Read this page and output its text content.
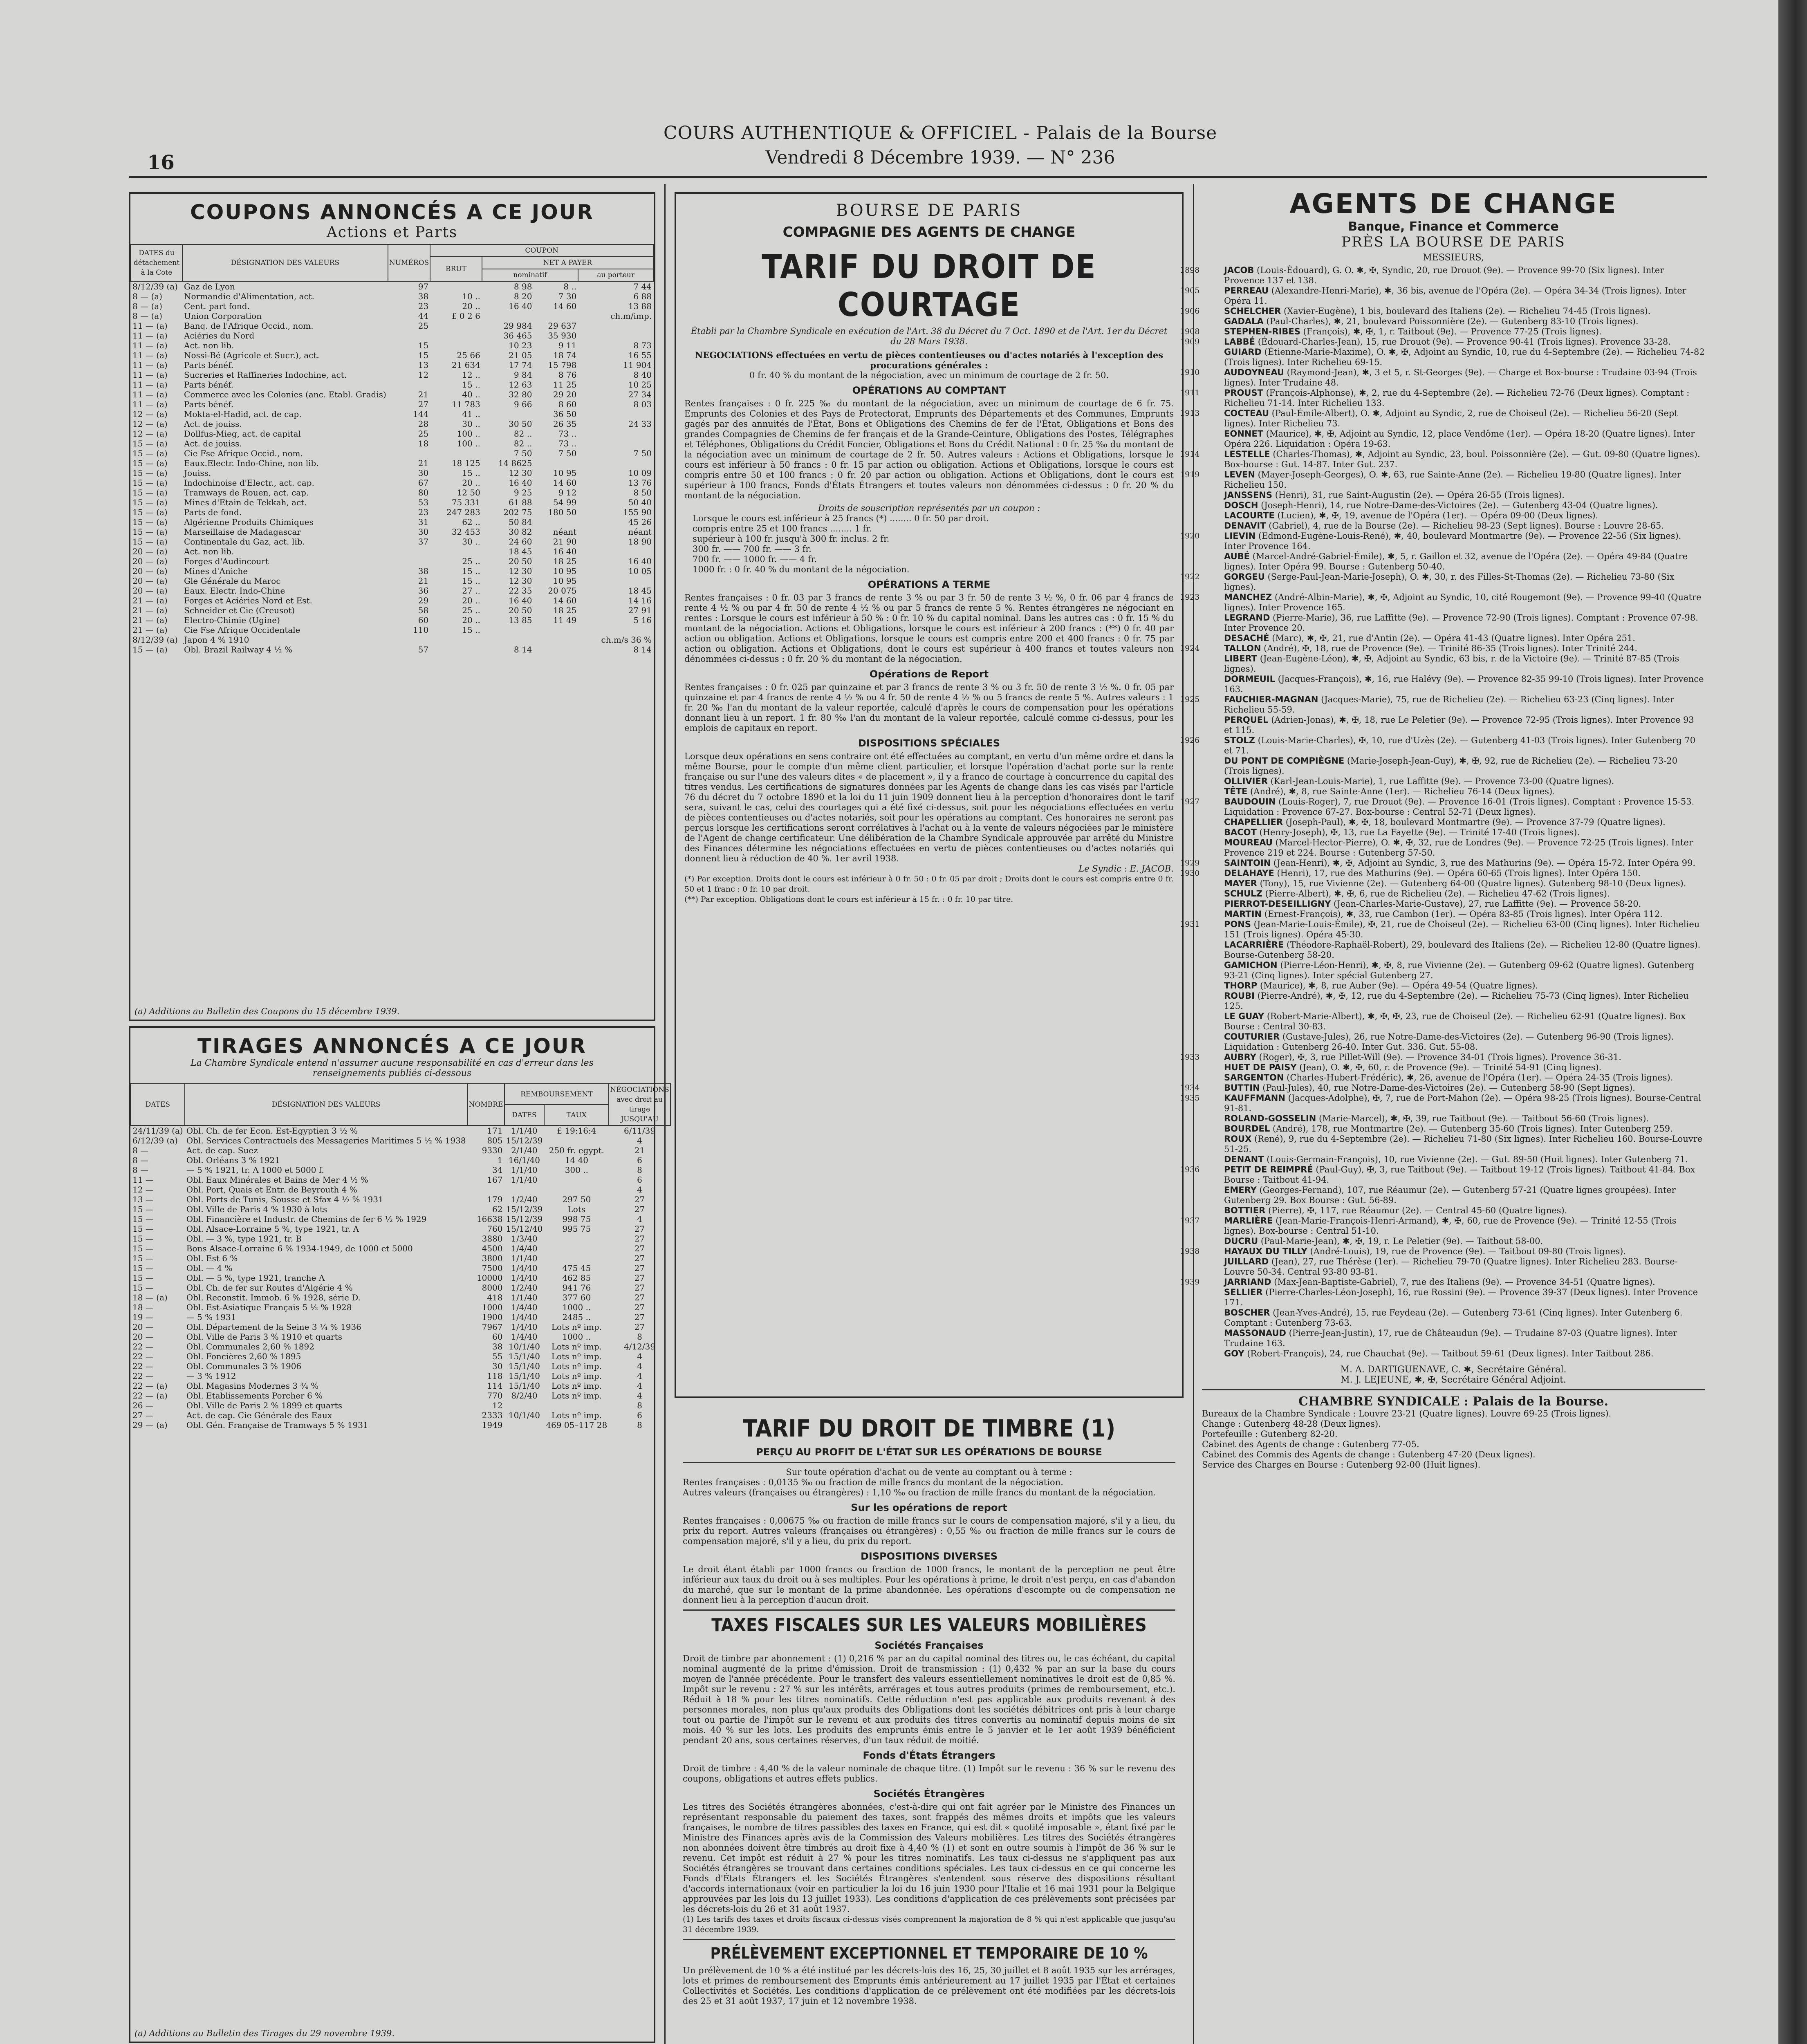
16
COURS AUTHENTIQUE & OFFICIEL - Palais de la Bourse
Vendredi 8 Décembre 1939. — N° 236
COUPONS ANNONCÉS A CE JOUR
Actions et Parts
DATES du détachement à la Cote	DÉSIGNATION DES VALEURS	NUMÉROS	COUPON			
			BRUT	NET A PAYER		
				nominatif		au porteur
8/12/39 (a)	Gaz de Lyon	97		8 98	8 ..	7 44
8 — (a)	Normandie d'Alimentation, act.	38	10 ..	8 20	7 30	6 88
8 — (a)	Cent. part fond.	23	20 ..	16 40	14 60	13 88
8 — (a)	Union Corporation	44	£ 0 2 6			ch.m/imp.
11 — (a)	Banq. de l'Afrique Occid., nom.	25		29 984	29 637	
11 — (a)	Aciéries du Nord			36 465	35 930	
11 — (a)	Act. non lib.	15		10 23	9 11	8 73
11 — (a)	Nossi-Bé (Agricole et Sucr.), act.	15	25 66	21 05	18 74	16 55
11 — (a)	Parts bénéf.	13	21 634	17 74	15 798	11 904
11 — (a)	Sucreries et Raffineries Indochine, act.	12	12 ..	9 84	8 76	8 40
11 — (a)	Parts bénéf.		15 ..	12 63	11 25	10 25
11 — (a)	Commerce avec les Colonies (anc. Etabl. Gradis)	21	40 ..	32 80	29 20	27 34
11 — (a)	Parts bénéf.	27	11 783	9 66	8 60	8 03
12 — (a)	Mokta-el-Hadid, act. de cap.	144	41 ..		36 50	
12 — (a)	Act. de jouiss.	28	30 ..	30 50	26 35	24 33
12 — (a)	Dollfus-Mieg, act. de capital	25	100 ..	82 ..	73 ..	
15 — (a)	Act. de jouiss.	18	100 ..	82 ..	73 ..	
15 — (a)	Cie Fse Afrique Occid., nom.			7 50	7 50	7 50
15 — (a)	Eaux.Electr. Indo-Chine, non lib.	21	18 125	14 8625		
15 — (a)	Jouiss.	30	15 ..	12 30	10 95	10 09
15 — (a)	Indochinoise d'Electr., act. cap.	67	20 ..	16 40	14 60	13 76
15 — (a)	Tramways de Rouen, act. cap.	80	12 50	9 25	9 12	8 50
15 — (a)	Mines d'Etain de Tekkah, act.	53	75 331	61 88	54 99	50 40
15 — (a)	Parts de fond.	23	247 283	202 75	180 50	155 90
15 — (a)	Algérienne Produits Chimiques	31	62 ..	50 84		45 26
15 — (a)	Marseillaise de Madagascar	30	32 453	30 82	néant	néant
15 — (a)	Continentale du Gaz, act. lib.	37	30 ..	24 60	21 90	18 90
20 — (a)	Act. non lib.			18 45	16 40	
20 — (a)	Forges d'Audincourt		25 ..	20 50	18 25	16 40
20 — (a)	Mines d'Aniche	38	15 ..	12 30	10 95	10 05
20 — (a)	Gle Générale du Maroc	21	15 ..	12 30	10 95	
20 — (a)	Eaux. Electr. Indo-Chine	36	27 ..	22 35	20 075	18 45
21 — (a)	Forges et Aciéries Nord et Est.	29	20 ..	16 40	14 60	14 16
21 — (a)	Schneider et Cie (Creusot)	58	25 ..	20 50	18 25	27 91
21 — (a)	Electro-Chimie (Ugine)	60	20 ..	13 85	11 49	5 16
21 — (a)	Cie Fse Afrique Occidentale	110	15 ..			
8/12/39 (a)	Japon 4 % 1910					ch.m/s 36 %
15 — (a)	Obl. Brazil Railway 4 ½ %	57		8 14		8 14
(a) Additions au Bulletin des Coupons du 15 décembre 1939.
TIRAGES ANNONCÉS A CE JOUR
La Chambre Syndicale entend n'assumer aucune responsabilité en cas d'erreur dans les renseignements publiés ci-dessous
DATES	DÉSIGNATION DES VALEURS	NOMBRE	REMBOURSEMENT		NÉGOCIATIONS avec droit au tirage JUSQU'AU
			DATES	TAUX	
24/11/39 (a)	Obl. Ch. de fer Econ. Est-Egyptien 3 ½ %	171	1/1/40	£ 19:16:4	6/11/39
6/12/39 (a)	Obl. Services Contractuels des Messageries Maritimes 5 ½ % 1938	805	15/12/39		4
8 —	Act. de cap. Suez	9330	2/1/40	250 fr. egypt.	21
8 —	Obl. Orléans 3 % 1921	1	16/1/40	14 40	6
8 —	— 5 % 1921, tr. A 1000 et 5000 f.	34	1/1/40	300 ..	8
11 —	Obl. Eaux Minérales et Bains de Mer 4 ½ %	167	1/1/40		6
12 —	Obl. Port, Quais et Entr. de Beyrouth 4 %				4
13 —	Obl. Ports de Tunis, Sousse et Sfax 4 ½ % 1931	179	1/2/40	297 50	27
15 —	Obl. Ville de Paris 4 % 1930 à lots	62	15/12/39	Lots	27
15 —	Obl. Financière et Industr. de Chemins de fer 6 ½ % 1929	16638	15/12/39	998 75	4
15 —	Obl. Alsace-Lorraine 5 %, type 1921, tr. A	760	15/12/40	995 75	27
15 —	Obl. — 3 %, type 1921, tr. B	3880	1/3/40		27
15 —	Bons Alsace-Lorraine 6 % 1934-1949, de 1000 et 5000	4500	1/4/40		27
15 —	Obl. Est 6 %	3800	1/1/40		27
15 —	Obl. — 4 %	7500	1/4/40	475 45	27
15 —	Obl. — 5 %, type 1921, tranche A	10000	1/4/40	462 85	27
15 —	Obl. Ch. de fer sur Routes d'Algérie 4 %	8000	1/2/40	941 76	27
18 — (a)	Obl. Reconstit. Immob. 6 % 1928, série D.	418	1/1/40	377 60	27
18 —	Obl. Est-Asiatique Français 5 ½ % 1928	1000	1/4/40	1000 ..	27
19 —	— 5 % 1931	1900	1/4/40	2485 ..	27
20 —	Obl. Département de la Seine 3 ¼ % 1936	7967	1/4/40	Lots nº imp.	27
20 —	Obl. Ville de Paris 3 % 1910 et quarts	60	1/4/40	1000 ..	8
22 —	Obl. Communales 2,60 % 1892	38	10/1/40	Lots nº imp.	4/12/39
22 —	Obl. Foncières 2,60 % 1895	55	15/1/40	Lots nº imp.	4
22 —	Obl. Communales 3 % 1906	30	15/1/40	Lots nº imp.	4
22 —	— 3 % 1912	118	15/1/40	Lots nº imp.	4
22 — (a)	Obl. Magasins Modernes 3 ¾ %	114	15/1/40	Lots nº imp.	4
22 — (a)	Obl. Etablissements Porcher 6 %	770	8/2/40	Lots nº imp.	4
26 —	Obl. Ville de Paris 2 % 1899 et quarts	12			8
27 —	Act. de cap. Cie Générale des Eaux	2333	10/1/40	Lots nº imp.	6
29 — (a)	Obl. Gén. Française de Tramways 5 % 1931	1949		469 05–117 28	8
(a) Additions au Bulletin des Tirages du 29 novembre 1939.
BOURSE DE PARIS
COMPAGNIE DES AGENTS DE CHANGE
TARIF DU DROIT DE COURTAGE
Établi par la Chambre Syndicale en exécution de l'Art. 38 du Décret du 7 Oct. 1890 et de l'Art. 1er du Décret du 28 Mars 1938.
NEGOCIATIONS effectuées en vertu de pièces contentieuses ou d'actes notariés à l'exception des procurations générales :
0 fr. 40 % du montant de la négociation, avec un minimum de courtage de 2 fr. 50.
OPÉRATIONS AU COMPTANT
Rentes françaises : 0 fr. 225 ‰ du montant de la négociation, avec un minimum de courtage de 6 fr. 75. Emprunts des Colonies et des Pays de Protectorat, Emprunts des Départements et des Communes, Emprunts gagés par des annuités de l'État, Bons et Obligations des Chemins de fer de l'État, Obligations et Bons des grandes Compagnies de Chemins de fer français et de la Grande-Ceinture, Obligations des Postes, Télégraphes et Téléphones, Obligations du Crédit Foncier, Obligations et Bons du Crédit National : 0 fr. 25 ‰ du montant de la négociation avec un minimum de courtage de 2 fr. 50. Autres valeurs : Actions et Obligations, lorsque le cours est inférieur à 50 francs : 0 fr. 15 par action ou obligation. Actions et Obligations, lorsque le cours est compris entre 50 et 100 francs : 0 fr. 20 par action ou obligation. Actions et Obligations, dont le cours est supérieur à 100 francs, Fonds d'États Étrangers et toutes valeurs non dénommées ci-dessus : 0 fr. 20 % du montant de la négociation.
Droits de souscription représentés par un coupon :
Lorsque le cours est inférieur à 25 francs (*) ........ 0 fr. 50 par droit.
compris entre 25 et 100 francs ........ 1 fr.
supérieur à 100 fr. jusqu'à 300 fr. inclus. 2 fr.
300 fr. —— 700 fr. —— 3 fr.
700 fr. —— 1000 fr. —— 4 fr.
1000 fr. : 0 fr. 40 % du montant de la négociation.
OPÉRATIONS A TERME
Rentes françaises : 0 fr. 03 par 3 francs de rente 3 % ou par 3 fr. 50 de rente 3 ½ %, 0 fr. 06 par 4 francs de rente 4 ½ % ou par 4 fr. 50 de rente 4 ½ % ou par 5 francs de rente 5 %. Rentes étrangères ne négociant en rentes : Lorsque le cours est inférieur à 50 % : 0 fr. 10 % du capital nominal. Dans les autres cas : 0 fr. 15 % du montant de la négociation. Actions et Obligations, lorsque le cours est inférieur à 200 francs : (**) 0 fr. 40 par action ou obligation. Actions et Obligations, lorsque le cours est compris entre 200 et 400 francs : 0 fr. 75 par action ou obligation. Actions et Obligations, dont le cours est supérieur à 400 francs et toutes valeurs non dénommées ci-dessus : 0 fr. 20 % du montant de la négociation.
Opérations de Report
Rentes françaises : 0 fr. 025 par quinzaine et par 3 francs de rente 3 % ou 3 fr. 50 de rente 3 ½ %. 0 fr. 05 par quinzaine et par 4 francs de rente 4 ½ % ou 4 fr. 50 de rente 4 ½ % ou 5 francs de rente 5 %. Autres valeurs : 1 fr. 20 ‰ l'an du montant de la valeur reportée, calculé d'après le cours de compensation pour les opérations donnant lieu à un report. 1 fr. 80 ‰ l'an du montant de la valeur reportée, calculé comme ci-dessus, pour les emplois de capitaux en report.
DISPOSITIONS SPÉCIALES
Lorsque deux opérations en sens contraire ont été effectuées au comptant, en vertu d'un même ordre et dans la même Bourse, pour le compte d'un même client particulier, et lorsque l'opération d'achat porte sur la rente française ou sur l'une des valeurs dites « de placement », il y a franco de courtage à concurrence du capital des titres vendus. Les certifications de signatures données par les Agents de change dans les cas visés par l'article 76 du décret du 7 octobre 1890 et la loi du 11 juin 1909 donnent lieu à la perception d'honoraires dont le tarif sera, suivant le cas, celui des courtages qui a été fixé ci-dessus, soit pour les négociations effectuées en vertu de pièces contentieuses ou d'actes notariés, soit pour les opérations au comptant. Ces honoraires ne seront pas perçus lorsque les certifications seront corrélatives à l'achat ou à la vente de valeurs négociées par le ministère de l'Agent de change certificateur. Une délibération de la Chambre Syndicale approuvée par arrêté du Ministre des Finances détermine les négociations effectuées en vertu de pièces contentieuses ou d'actes notariés qui donnent lieu à réduction de 40 %. 1er avril 1938.
Le Syndic : E. JACOB.
(*) Par exception. Droits dont le cours est inférieur à 0 fr. 50 : 0 fr. 05 par droit ; Droits dont le cours est compris entre 0 fr. 50 et 1 franc : 0 fr. 10 par droit.
(**) Par exception. Obligations dont le cours est inférieur à 15 fr. : 0 fr. 10 par titre.
TARIF DU DROIT DE TIMBRE (1)
PERÇU AU PROFIT DE L'ÉTAT SUR LES OPÉRATIONS DE BOURSE
Sur toute opération d'achat ou de vente au comptant ou à terme :
Rentes françaises : 0,0135 ‰ ou fraction de mille francs du montant de la négociation.
Autres valeurs (françaises ou étrangères) : 1,10 ‰ ou fraction de mille francs du montant de la négociation.
Sur les opérations de report
Rentes françaises : 0,00675 ‰ ou fraction de mille francs sur le cours de compensation majoré, s'il y a lieu, du prix du report. Autres valeurs (françaises ou étrangères) : 0,55 ‰ ou fraction de mille francs sur le cours de compensation majoré, s'il y a lieu, du prix du report.
DISPOSITIONS DIVERSES
Le droit étant établi par 1000 francs ou fraction de 1000 francs, le montant de la perception ne peut être inférieur aux taux du droit ou à ses multiples. Pour les opérations à prime, le droit n'est perçu, en cas d'abandon du marché, que sur le montant de la prime abandonnée. Les opérations d'escompte ou de compensation ne donnent lieu à la perception d'aucun droit.
TAXES FISCALES SUR LES VALEURS MOBILIÈRES
Sociétés Françaises
Droit de timbre par abonnement : (1) 0,216 % par an du capital nominal des titres ou, le cas échéant, du capital nominal augmenté de la prime d'émission. Droit de transmission : (1) 0,432 % par an sur la base du cours moyen de l'année précédente. Pour le transfert des valeurs essentiellement nominatives le droit est de 0,85 %. Impôt sur le revenu : 27 % sur les intérêts, arrérages et tous autres produits (primes de remboursement, etc.). Réduit à 18 % pour les titres nominatifs. Cette réduction n'est pas applicable aux produits revenant à des personnes morales, non plus qu'aux produits des Obligations dont les sociétés débitrices ont pris à leur charge tout ou partie de l'impôt sur le revenu et aux produits des titres convertis au nominatif depuis moins de six mois. 40 % sur les lots. Les produits des emprunts émis entre le 5 janvier et le 1er août 1939 bénéficient pendant 20 ans, sous certaines réserves, d'un taux réduit de moitié.
Fonds d'États Étrangers
Droit de timbre : 4,40 % de la valeur nominale de chaque titre. (1) Impôt sur le revenu : 36 % sur le revenu des coupons, obligations et autres effets publics.
Sociétés Étrangères
Les titres des Sociétés étrangères abonnées, c'est-à-dire qui ont fait agréer par le Ministre des Finances un représentant responsable du paiement des taxes, sont frappés des mêmes droits et impôts que les valeurs françaises, le nombre de titres passibles des taxes en France, qui est dit « quotité imposable », étant fixé par le Ministre des Finances après avis de la Commission des Valeurs mobilières. Les titres des Sociétés étrangères non abonnées doivent être timbrés au droit fixe à 4,40 % (1) et sont en outre soumis à l'impôt de 36 % sur le revenu. Cet impôt est réduit à 27 % pour les titres nominatifs. Les taux ci-dessus ne s'appliquent pas aux Sociétés étrangères se trouvant dans certaines conditions spéciales. Les taux ci-dessus en ce qui concerne les Fonds d'États Étrangers et les Sociétés Étrangères s'entendent sous réserve des dispositions résultant d'accords internationaux (voir en particulier la loi du 16 juin 1930 pour l'Italie et 16 mai 1931 pour la Belgique approuvées par les lois du 13 juillet 1933). Les conditions d'application de ces prélèvements sont précisées par les décrets-lois du 26 et 31 août 1937.
(1) Les tarifs des taxes et droits fiscaux ci-dessus visés comprennent la majoration de 8 % qui n'est applicable que jusqu'au 31 décembre 1939.
PRÉLÈVEMENT EXCEPTIONNEL ET TEMPORAIRE DE 10 %
Un prélèvement de 10 % a été institué par les décrets-lois des 16, 25, 30 juillet et 8 août 1935 sur les arrérages, lots et primes de remboursement des Emprunts émis antérieurement au 17 juillet 1935 par l'État et certaines Collectivités et Sociétés. Les conditions d'application de ce prélèvement ont été modifiées par les décrets-lois des 25 et 31 août 1937, 17 juin et 12 novembre 1938.
AGENTS DE CHANGE
Banque, Finance et Commerce
PRÈS LA BOURSE DE PARIS
MESSIEURS,
1898	JACOB (Louis-Édouard), G. O. ✱, ✠, Syndic, 20, rue Drouot (9e). — Provence 99-70 (Six lignes). Inter Provence 137 et 138.
1905	PERREAU (Alexandre-Henri-Marie), ✱, 36 bis, avenue de l'Opéra (2e). — Opéra 34-34 (Trois lignes). Inter Opéra 11.
1906	SCHELCHER (Xavier-Eugène), 1 bis, boulevard des Italiens (2e). — Richelieu 74-45 (Trois lignes).
GADALA (Paul-Charles), ✱, 21, boulevard Poissonnière (2e). — Gutenberg 83-10 (Trois lignes).
1908	STEPHEN-RIBES (François), ✱, ✠, 1, r. Taitbout (9e). — Provence 77-25 (Trois lignes).
1909	LABBÉ (Édouard-Charles-Jean), 15, rue Drouot (9e). — Provence 90-41 (Trois lignes). Provence 33-28.
GUIARD (Étienne-Marie-Maxime), O. ✱, ✠, Adjoint au Syndic, 10, rue du 4-Septembre (2e). — Richelieu 74-82 (Trois lignes). Inter Richelieu 69-15.
1910	AUDOYNEAU (Raymond-Jean), ✱, 3 et 5, r. St-Georges (9e). — Charge et Box-bourse : Trudaine 03-94 (Trois lignes). Inter Trudaine 48.
1911	PROUST (François-Alphonse), ✱, 2, rue du 4-Septembre (2e). — Richelieu 72-76 (Deux lignes). Comptant : Richelieu 71-14. Inter Richelieu 133.
1913	COCTEAU (Paul-Émile-Albert), O. ✱, Adjoint au Syndic, 2, rue de Choiseul (2e). — Richelieu 56-20 (Sept lignes). Inter Richelieu 73.
EONNET (Maurice), ✱, ✠, Adjoint au Syndic, 12, place Vendôme (1er). — Opéra 18-20 (Quatre lignes). Inter Opéra 226. Liquidation : Opéra 19-63.
1914	LESTELLE (Charles-Thomas), ✱, Adjoint au Syndic, 23, boul. Poissonnière (2e). — Gut. 09-80 (Quatre lignes). Box-bourse : Gut. 14-87. Inter Gut. 237.
1919	LEVEN (Mayer-Joseph-Georges), O. ✱, 63, rue Sainte-Anne (2e). — Richelieu 19-80 (Quatre lignes). Inter Richelieu 150.
JANSSENS (Henri), 31, rue Saint-Augustin (2e). — Opéra 26-55 (Trois lignes).
DOSCH (Joseph-Henri), 14, rue Notre-Dame-des-Victoires (2e). — Gutenberg 43-04 (Quatre lignes).
LACOURTE (Lucien), ✱, ✠, 19, avenue de l'Opéra (1er). — Opéra 09-00 (Deux lignes).
DENAVIT (Gabriel), 4, rue de la Bourse (2e). — Richelieu 98-23 (Sept lignes). Bourse : Louvre 28-65.
1920	LIEVIN (Edmond-Eugène-Louis-René), ✱, 40, boulevard Montmartre (9e). — Provence 22-56 (Six lignes). Inter Provence 164.
AUBÉ (Marcel-André-Gabriel-Émile), ✱, 5, r. Gaillon et 32, avenue de l'Opéra (2e). — Opéra 49-84 (Quatre lignes). Inter Opéra 99. Bourse : Gutenberg 50-40.
1922	GORGEU (Serge-Paul-Jean-Marie-Joseph), O. ✱, 30, r. des Filles-St-Thomas (2e). — Richelieu 73-80 (Six lignes).
1923	MANCHEZ (André-Albin-Marie), ✱, ✠, Adjoint au Syndic, 10, cité Rougemont (9e). — Provence 99-40 (Quatre lignes). Inter Provence 165.
LEGRAND (Pierre-Marie), 36, rue Laffitte (9e). — Provence 72-90 (Trois lignes). Comptant : Provence 07-98. Inter Provence 20.
DESACHÉ (Marc), ✱, ✠, 21, rue d'Antin (2e). — Opéra 41-43 (Quatre lignes). Inter Opéra 251.
1924	TALLON (André), ✠, 18, rue de Provence (9e). — Trinité 86-35 (Trois lignes). Inter Trinité 244.
LIBERT (Jean-Eugène-Léon), ✱, ✠, Adjoint au Syndic, 63 bis, r. de la Victoire (9e). — Trinité 87-85 (Trois lignes).
DORMEUIL (Jacques-François), ✱, 16, rue Halévy (9e). — Provence 82-35 99-10 (Trois lignes). Inter Provence 163.
1925	FAUCHIER-MAGNAN (Jacques-Marie), 75, rue de Richelieu (2e). — Richelieu 63-23 (Cinq lignes). Inter Richelieu 55-59.
PERQUEL (Adrien-Jonas), ✱, ✠, 18, rue Le Peletier (9e). — Provence 72-95 (Trois lignes). Inter Provence 93 et 115.
1926	STOLZ (Louis-Marie-Charles), ✠, 10, rue d'Uzès (2e). — Gutenberg 41-03 (Trois lignes). Inter Gutenberg 70 et 71.
DU PONT DE COMPIÈGNE (Marie-Joseph-Jean-Guy), ✱, ✠, 92, rue de Richelieu (2e). — Richelieu 73-20 (Trois lignes).
OLLIVIER (Karl-Jean-Louis-Marie), 1, rue Laffitte (9e). — Provence 73-00 (Quatre lignes).
TÊTE (André), ✱, 8, rue Sainte-Anne (1er). — Richelieu 76-14 (Deux lignes).
1927	BAUDOUIN (Louis-Roger), 7, rue Drouot (9e). — Provence 16-01 (Trois lignes). Comptant : Provence 15-53. Liquidation : Provence 67-27. Box-bourse : Central 52-71 (Deux lignes).
CHAPELLIER (Joseph-Paul), ✱, ✠, 18, boulevard Montmartre (9e). — Provence 37-79 (Quatre lignes).
BACOT (Henry-Joseph), ✠, 13, rue La Fayette (9e). — Trinité 17-40 (Trois lignes).
MOUREAU (Marcel-Hector-Pierre), O. ✱, ✠, 32, rue de Londres (9e). — Provence 72-25 (Trois lignes). Inter Provence 219 et 224. Bourse : Gutenberg 57-50.
1929	SAINTOIN (Jean-Henri), ✱, ✠, Adjoint au Syndic, 3, rue des Mathurins (9e). — Opéra 15-72. Inter Opéra 99.
1930	DELAHAYE (Henri), 17, rue des Mathurins (9e). — Opéra 60-65 (Trois lignes). Inter Opéra 150.
MAYER (Tony), 15, rue Vivienne (2e). — Gutenberg 64-00 (Quatre lignes). Gutenberg 98-10 (Deux lignes).
SCHULZ (Pierre-Albert), ✱, ✠, 6, rue de Richelieu (2e). — Richelieu 47-62 (Trois lignes).
PIERROT-DESEILLIGNY (Jean-Charles-Marie-Gustave), 27, rue Laffitte (9e). — Provence 58-20.
MARTIN (Ernest-François), ✱, 33, rue Cambon (1er). — Opéra 83-85 (Trois lignes). Inter Opéra 112.
1931	PONS (Jean-Marie-Louis-Émile), ✠, 21, rue de Choiseul (2e). — Richelieu 63-00 (Cinq lignes). Inter Richelieu 151 (Trois lignes). Opéra 45-30.
LACARRIÈRE (Théodore-Raphaël-Robert), 29, boulevard des Italiens (2e). — Richelieu 12-80 (Quatre lignes). Bourse-Gutenberg 58-20.
GAMICHON (Pierre-Léon-Henri), ✱, ✠, 8, rue Vivienne (2e). — Gutenberg 09-62 (Quatre lignes). Gutenberg 93-21 (Cinq lignes). Inter spécial Gutenberg 27.
THORP (Maurice), ✱, 8, rue Auber (9e). — Opéra 49-54 (Quatre lignes).
ROUBI (Pierre-André), ✱, ✠, 12, rue du 4-Septembre (2e). — Richelieu 75-73 (Cinq lignes). Inter Richelieu 125.
LE GUAY (Robert-Marie-Albert), ✱, ✠, ✠, 23, rue de Choiseul (2e). — Richelieu 62-91 (Quatre lignes). Box Bourse : Central 30-83.
COUTURIER (Gustave-Jules), 26, rue Notre-Dame-des-Victoires (2e). — Gutenberg 96-90 (Trois lignes). Liquidation : Gutenberg 26-40. Inter Gut. 336. Gut. 55-08.
1933	AUBRY (Roger), ✠, 3, rue Pillet-Will (9e). — Provence 34-01 (Trois lignes). Provence 36-31.
HUET DE PAISY (Jean), O. ✱, ✠, 60, r. de Provence (9e). — Trinité 54-91 (Cinq lignes).
SARGENTON (Charles-Hubert-Frédéric), ✱, 26, avenue de l'Opéra (1er). — Opéra 24-35 (Trois lignes).
1934	BUTTIN (Paul-Jules), 40, rue Notre-Dame-des-Victoires (2e). — Gutenberg 58-90 (Sept lignes).
1935	KAUFFMANN (Jacques-Adolphe), ✠, 7, rue de Port-Mahon (2e). — Opéra 98-25 (Trois lignes). Bourse-Central 91-81.
ROLAND-GOSSELIN (Marie-Marcel), ✱, ✠, 39, rue Taitbout (9e). — Taitbout 56-60 (Trois lignes).
BOURDEL (André), 178, rue Montmartre (2e). — Gutenberg 35-60 (Trois lignes). Inter Gutenberg 259.
ROUX (René), 9, rue du 4-Septembre (2e). — Richelieu 71-80 (Six lignes). Inter Richelieu 160. Bourse-Louvre 51-25.
DENANT (Louis-Germain-François), 10, rue Vivienne (2e). — Gut. 89-50 (Huit lignes). Inter Gutenberg 71.
1936	PETIT DE REIMPRÉ (Paul-Guy), ✠, 3, rue Taitbout (9e). — Taitbout 19-12 (Trois lignes). Taitbout 41-84. Box Bourse : Taitbout 41-94.
EMERY (Georges-Fernand), 107, rue Réaumur (2e). — Gutenberg 57-21 (Quatre lignes groupées). Inter Gutenberg 29. Box Bourse : Gut. 56-89.
BOTTIER (Pierre), ✠, 117, rue Réaumur (2e). — Central 45-60 (Quatre lignes).
1937	MARLIÈRE (Jean-Marie-François-Henri-Armand), ✱, ✠, 60, rue de Provence (9e). — Trinité 12-55 (Trois lignes). Box-bourse : Central 51-10.
DUCRU (Paul-Marie-Jean), ✱, ✠, 19, r. Le Peletier (9e). — Taitbout 58-00.
1938	HAYAUX DU TILLY (André-Louis), 19, rue de Provence (9e). — Taitbout 09-80 (Trois lignes).
JUILLARD (Jean), 27, rue Thérèse (1er). — Richelieu 79-70 (Quatre lignes). Inter Richelieu 283. Bourse-Louvre 50-34. Central 93-80 93-81.
1939	JARRIAND (Max-Jean-Baptiste-Gabriel), 7, rue des Italiens (9e). — Provence 34-51 (Quatre lignes).
SELLIER (Pierre-Charles-Léon-Joseph), 16, rue Rossini (9e). — Provence 39-37 (Deux lignes). Inter Provence 171.
BOSCHER (Jean-Yves-André), 15, rue Feydeau (2e). — Gutenberg 73-61 (Cinq lignes). Inter Gutenberg 6. Comptant : Gutenberg 73-63.
MASSONAUD (Pierre-Jean-Justin), 17, rue de Châteaudun (9e). — Trudaine 87-03 (Quatre lignes). Inter Trudaine 163.
GOY (Robert-François), 24, rue Chauchat (9e). — Taitbout 59-61 (Deux lignes). Inter Taitbout 286.
M. A. DARTIGUENAVE, C. ✱, Secrétaire Général.
M. J. LEJEUNE, ✱, ✠, Secrétaire Général Adjoint.
CHAMBRE SYNDICALE : Palais de la Bourse.
Bureaux de la Chambre Syndicale : Louvre 23-21 (Quatre lignes). Louvre 69-25 (Trois lignes).
Change : Gutenberg 48-28 (Deux lignes).
Portefeuille : Gutenberg 82-20.
Cabinet des Agents de change : Gutenberg 77-05.
Cabinet des Commis des Agents de change : Gutenberg 47-20 (Deux lignes).
Service des Charges en Bourse : Gutenberg 92-00 (Huit lignes).
